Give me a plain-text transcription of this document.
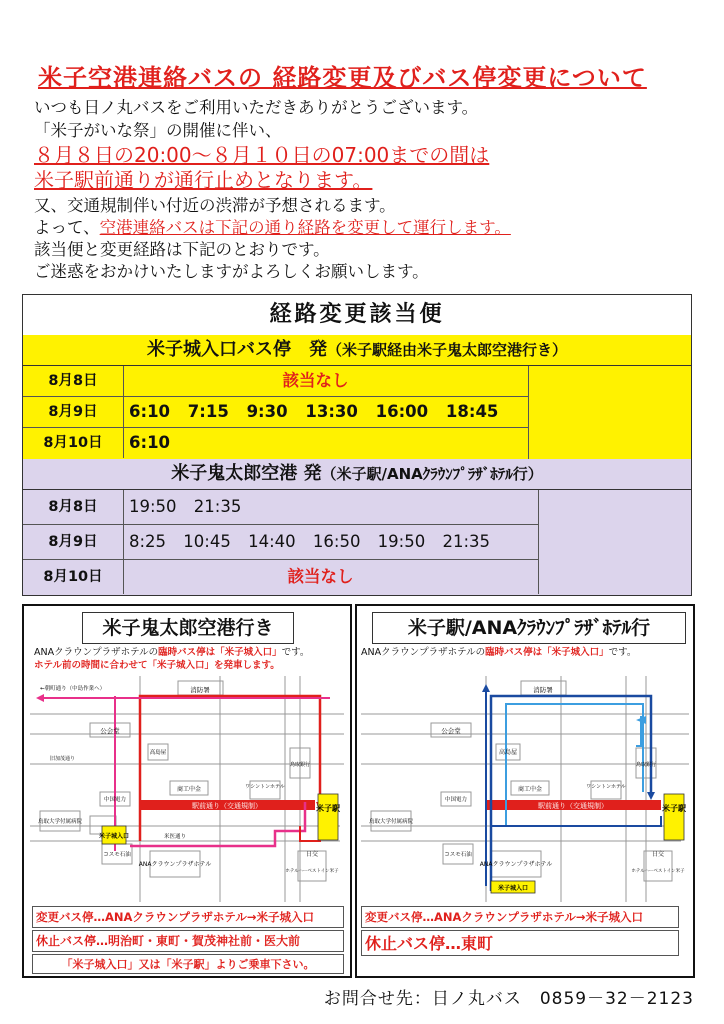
米子空港連絡バスの 経路変更及びバス停変更について
いつも日ノ丸バスをご利用いただきありがとうございます。
「米子がいな祭」の開催に伴い、
８月８日の20:00～８月１０日の07:00までの間は
米子駅前通りが通行止めとなります。
又、交通規制伴い付近の渋滞が予想されるます。
よって、空港連絡バスは下記の通り経路を変更して運行します。
該当便と変更経路は下記のとおりです。
ご迷惑をおかけいたしますがよろしくお願いします。
経路変更該当便
米子城入口バス停　発（米子駅経由米子鬼太郎空港行き）
8月8日	該当なし
8月9日	6:10 7:15 9:30 13:30 16:00 18:45
8月10日	6:10
米子鬼太郎空港 発（米子駅/ANAｸﾗｳﾝﾌﾟﾗｻﾞﾎﾃﾙ行）
8月8日	19:50 21:35
8月9日	8:25 10:45 14:40 16:50 19:50 21:35
8月10日	該当なし
米子鬼太郎空港行き
ANAクラウンプラザホテルの臨時バス停は「米子城入口」です。
ホテル前の時間に合わせて「米子城入口」を発車します。
駅前通り（交通規制）	米子駅
米子城入口
消防署
公会堂
←朝町通り（中島作業へ）
高島屋
中国電力
商工中金	ワシントンホテル
鳥取銀行
鳥取大学付属病院
コスモ石油
ANAクラウンプラザホテル
米医通り
日交
ホテルハーベストイン米子
旧加茂通り
変更バス停…ANAクラウンプラザホテル→米子城入口
休止バス停…明治町・東町・賀茂神社前・医大前
「米子城入口」又は「米子駅」よりご乗車下さい。
米子駅/ANAｸﾗｳﾝﾌﾟﾗｻﾞﾎﾃﾙ行
ANAクラウンプラザホテルの臨時バス停は「米子城入口」です。
駅前通り（交通規制）	米子駅
米子城入口
消防署
公会堂
高島屋
中国電力
商工中金	ワシントンホテル
鳥取銀行
鳥取大学付属病院
コスモ石油
ANAクラウンプラザホテル
日交
ホテルハーベストイン米子
変更バス停…ANAクラウンプラザホテル→米子城入口
休止バス停…東町
お問合せ先：日ノ丸バス　0859－32－2123
